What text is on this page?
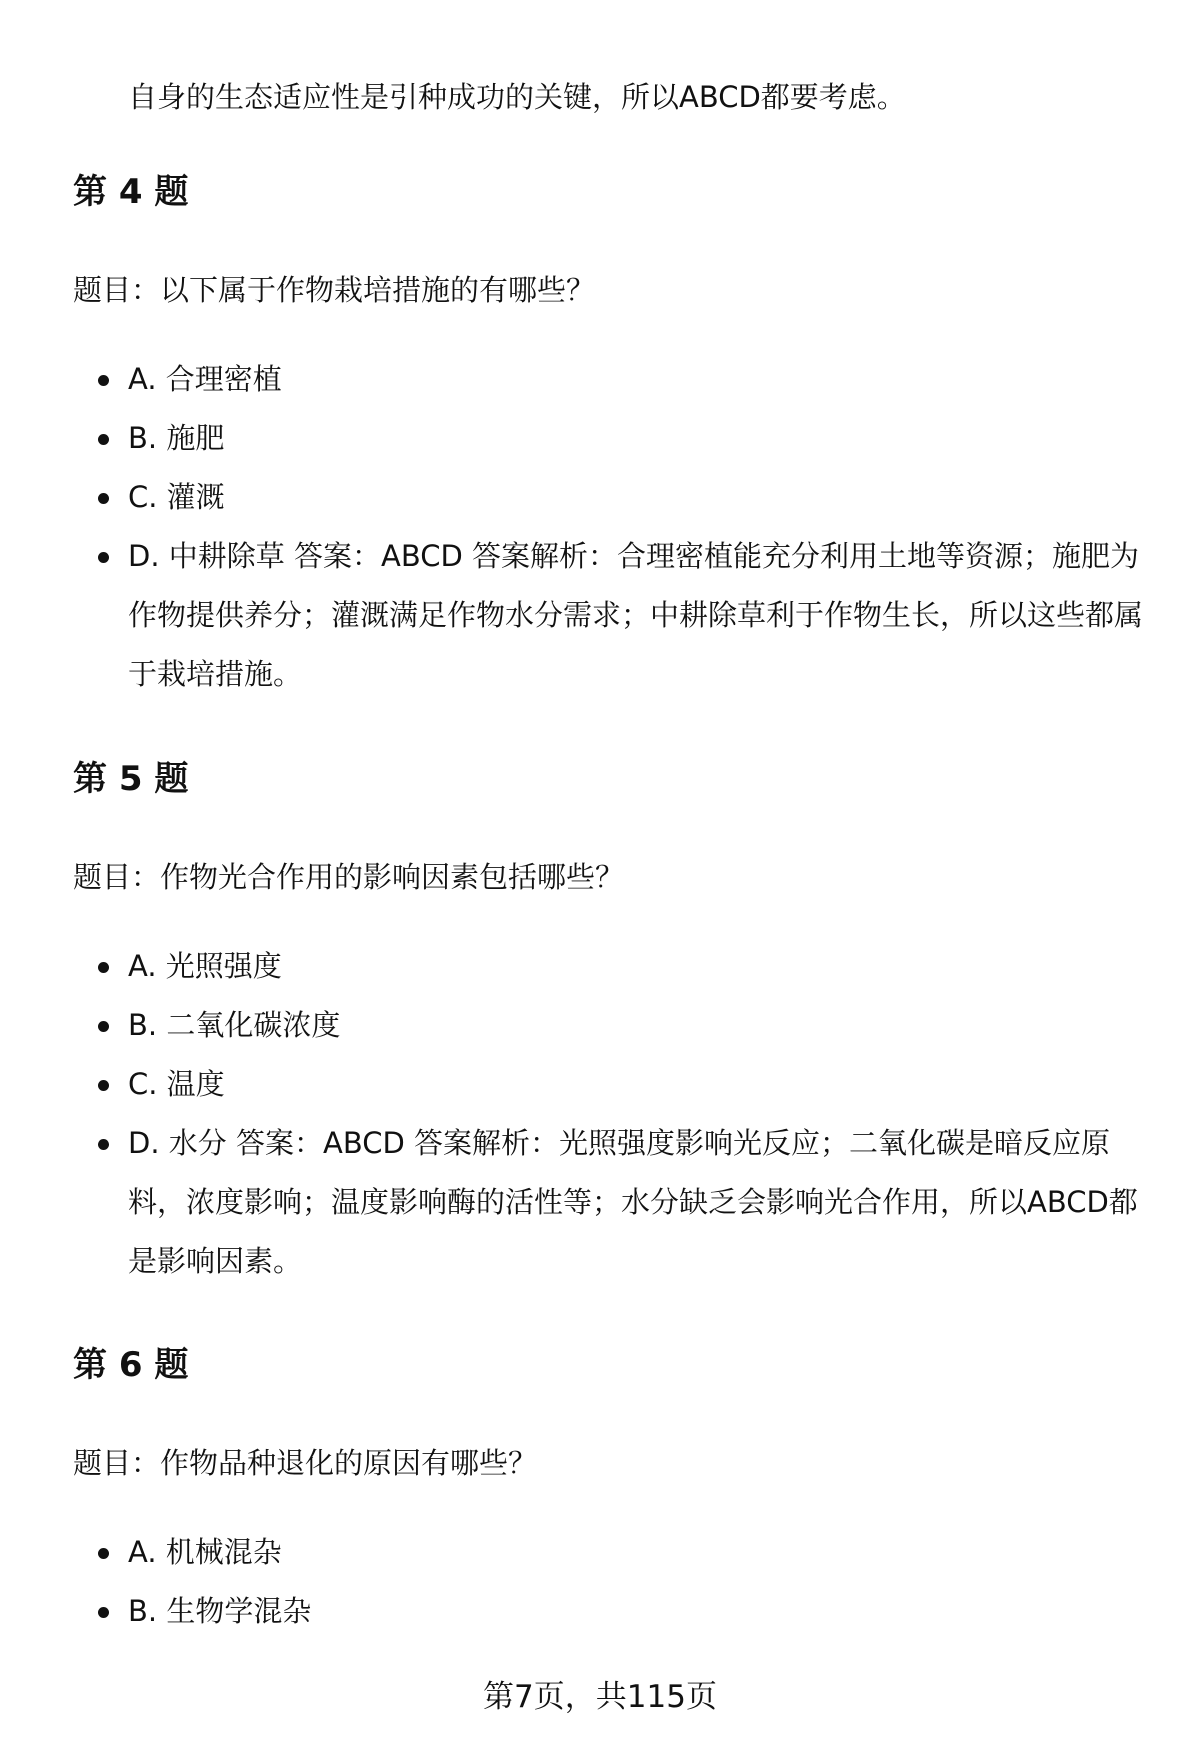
自身的生态适应性是引种成功的关键，所以ABCD都要考虑。

第 4 题

题目：以下属于作物栽培措施的有哪些？

A. 合理密植
B. 施肥
C. 灌溉
D. 中耕除草 答案：ABCD 答案解析：合理密植能充分利用土地等资源；施肥为作物提供养分；灌溉满足作物水分需求；中耕除草利于作物生长，所以这些都属于栽培措施。
第 5 题

题目：作物光合作用的影响因素包括哪些？

A. 光照强度
B. 二氧化碳浓度
C. 温度
D. 水分 答案：ABCD 答案解析：光照强度影响光反应；二氧化碳是暗反应原料，浓度影响；温度影响酶的活性等；水分缺乏会影响光合作用，所以ABCD都是影响因素。
第 6 题

题目：作物品种退化的原因有哪些？

A. 机械混杂
B. 生物学混杂
第7页，共115页
